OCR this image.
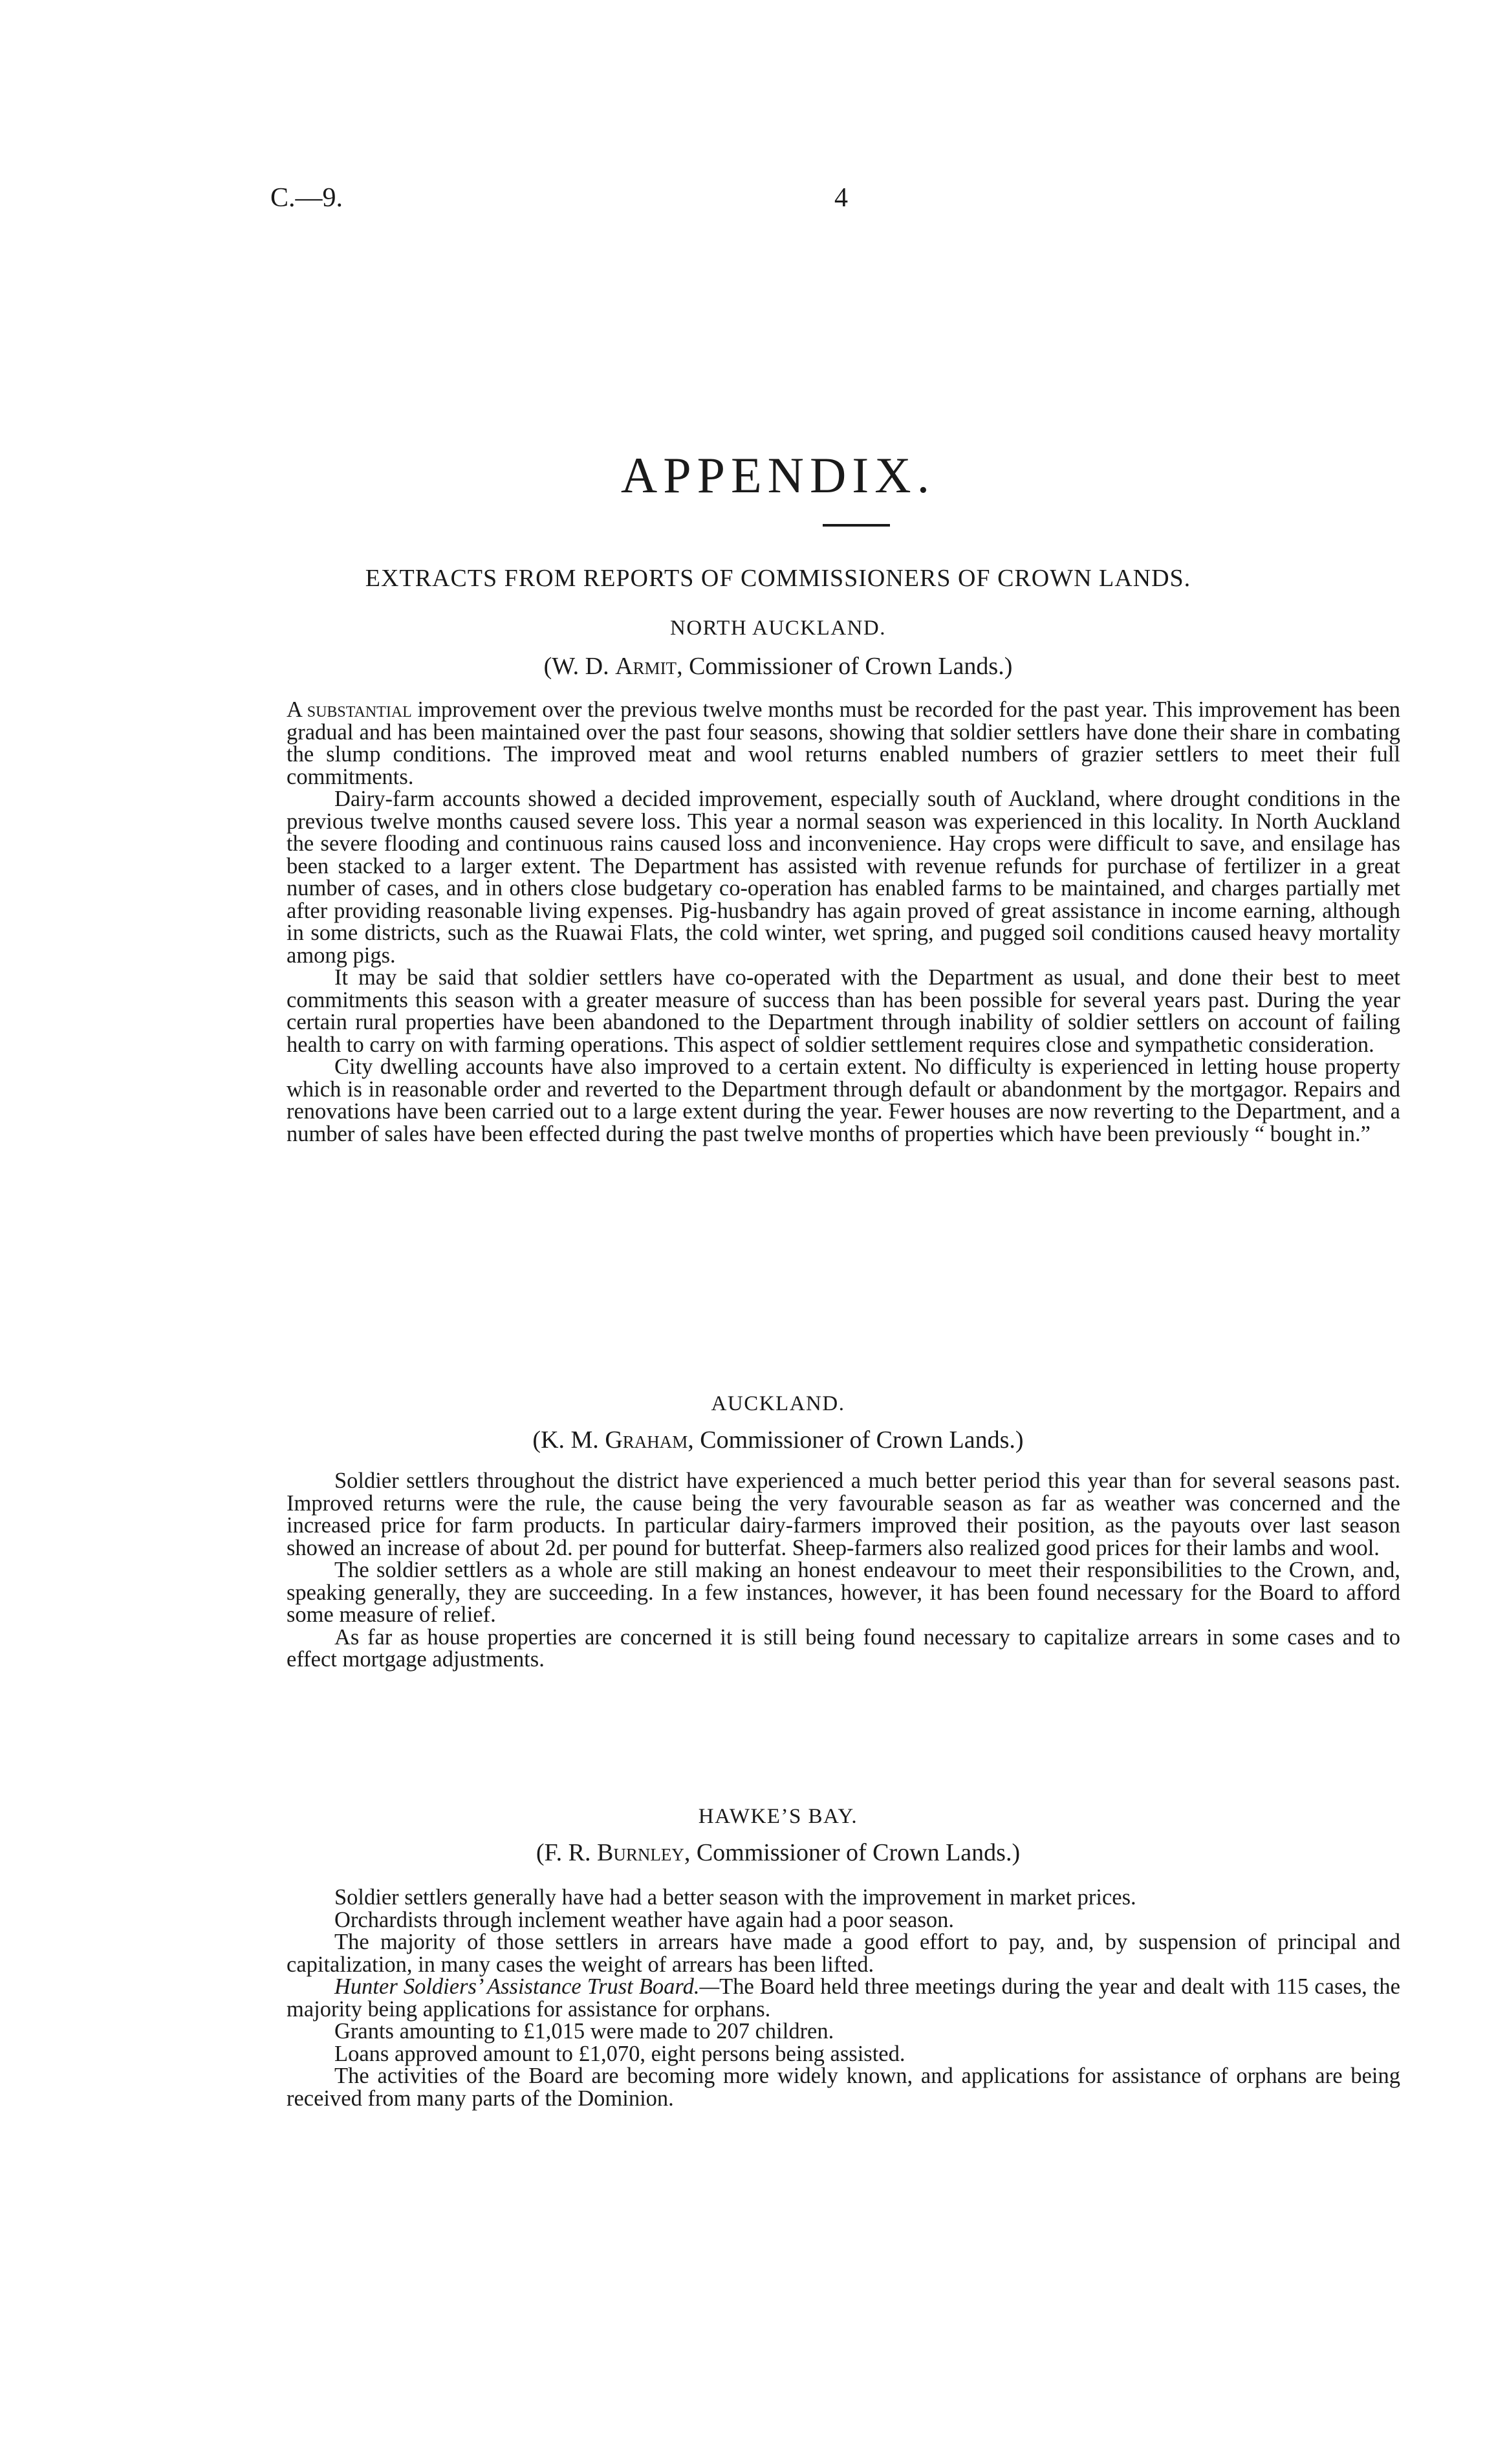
C.—9.	4
APPENDIX.
EXTRACTS FROM REPORTS OF COMMISSIONERS OF CROWN LANDS.
NORTH AUCKLAND.
(W. D. Armit, Commissioner of Crown Lands.)

A substantial improvement over the previous twelve months must be recorded for the past year. This improvement has been gradual and has been maintained over the past four seasons, showing that soldier settlers have done their share in combating the slump conditions. The improved meat and wool returns enabled numbers of grazier settlers to meet their full commitments.

Dairy-farm accounts showed a decided improvement, especially south of Auckland, where drought conditions in the previous twelve months caused severe loss. This year a normal season was experienced in this locality. In North Auckland the severe flooding and continuous rains caused loss and inconvenience. Hay crops were difficult to save, and ensilage has been stacked to a larger extent. The Department has assisted with revenue refunds for purchase of fertilizer in a great number of cases, and in others close budgetary co-operation has enabled farms to be maintained, and charges partially met after providing reasonable living expenses. Pig-husbandry has again proved of great assistance in income earning, although in some districts, such as the Ruawai Flats, the cold winter, wet spring, and pugged soil conditions caused heavy mortality among pigs.

It may be said that soldier settlers have co-operated with the Department as usual, and done their best to meet commitments this season with a greater measure of success than has been possible for several years past. During the year certain rural properties have been abandoned to the Department through inability of soldier settlers on account of failing health to carry on with farming operations. This aspect of soldier settlement requires close and sympathetic consideration.

City dwelling accounts have also improved to a certain extent. No difficulty is experienced in letting house property which is in reasonable order and reverted to the Department through default or abandonment by the mortgagor. Repairs and renovations have been carried out to a large extent during the year. Fewer houses are now reverting to the Department, and a number of sales have been effected during the past twelve months of properties which have been previously “ bought in.”

AUCKLAND.
(K. M. Graham, Commissioner of Crown Lands.)

Soldier settlers throughout the district have experienced a much better period this year than for several seasons past. Improved returns were the rule, the cause being the very favourable season as far as weather was concerned and the increased price for farm products. In particular dairy-farmers improved their position, as the payouts over last season showed an increase of about 2d. per pound for butterfat. Sheep-farmers also realized good prices for their lambs and wool.

The soldier settlers as a whole are still making an honest endeavour to meet their responsibilities to the Crown, and, speaking generally, they are succeeding. In a few instances, however, it has been found necessary for the Board to afford some measure of relief.

As far as house properties are concerned it is still being found necessary to capitalize arrears in some cases and to effect mortgage adjustments.

HAWKE’S BAY.
(F. R. Burnley, Commissioner of Crown Lands.)

Soldier settlers generally have had a better season with the improvement in market prices.

Orchardists through inclement weather have again had a poor season.

The majority of those settlers in arrears have made a good effort to pay, and, by suspension of principal and capitalization, in many cases the weight of arrears has been lifted.

Hunter Soldiers’ Assistance Trust Board.—The Board held three meetings during the year and dealt with 115 cases, the majority being applications for assistance for orphans.

Grants amounting to £1,015 were made to 207 children.

Loans approved amount to £1,070, eight persons being assisted.

The activities of the Board are becoming more widely known, and applications for assistance of orphans are being received from many parts of the Dominion.
